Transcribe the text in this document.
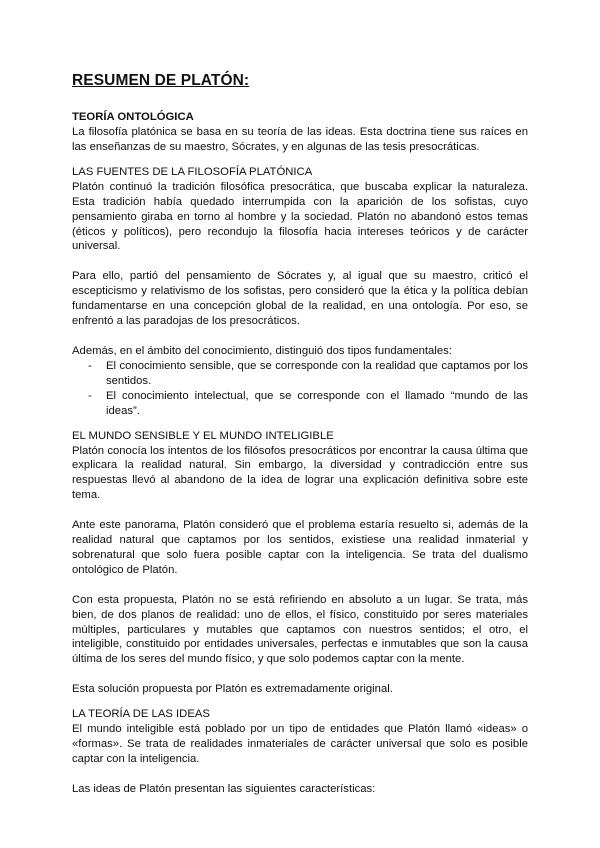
RESUMEN DE PLATÓN:
TEORÍA ONTOLÓGICA

La filosofía platónica se basa en su teoría de las ideas. Esta doctrina tiene sus raíces en las enseñanzas de su maestro, Sócrates, y en algunas de las tesis presocráticas.

LAS FUENTES DE LA FILOSOFÍA PLATÓNICA

Platón continuó la tradición filosófica presocrática, que buscaba explicar la naturaleza. Esta tradición había quedado interrumpida con la aparición de los sofistas, cuyo pensamiento giraba en torno al hombre y la sociedad. Platón no abandonó estos temas (éticos y políticos), pero recondujo la filosofía hacia intereses teóricos y de carácter universal.

Para ello, partió del pensamiento de Sócrates y, al igual que su maestro, criticó el escepticismo y relativismo de los sofistas, pero consideró que la ética y la política debían fundamentarse en una concepción global de la realidad, en una ontología. Por eso, se enfrentó a las paradojas de los presocráticos.

Además, en el ámbito del conocimiento, distinguió dos tipos fundamentales:

- El conocimiento sensible, que se corresponde con la realidad que captamos por los sentidos.
- El conocimiento intelectual, que se corresponde con el llamado “mundo de las ideas”.
EL MUNDO SENSIBLE Y EL MUNDO INTELIGIBLE

Platón conocía los intentos de los filósofos presocráticos por encontrar la causa última que explicara la realidad natural. Sin embargo, la diversidad y contradicción entre sus respuestas llevó al abandono de la idea de lograr una explicación definitiva sobre este tema.

Ante este panorama, Platón consideró que el problema estaría resuelto si, además de la realidad natural que captamos por los sentidos, existiese una realidad inmaterial y sobrenatural que solo fuera posible captar con la inteligencia. Se trata del dualismo ontológico de Platón.

Con esta propuesta, Platón no se está refiriendo en absoluto a un lugar. Se trata, más bien, de dos planos de realidad: uno de ellos, el físico, constituido por seres materiales múltiples, particulares y mutables que captamos con nuestros sentidos; el otro, el inteligible, constituido por entidades universales, perfectas e inmutables que son la causa última de los seres del mundo físico, y que solo podemos captar con la mente.

Esta solución propuesta por Platón es extremadamente original.

LA TEORÍA DE LAS IDEAS

El mundo inteligible está poblado por un tipo de entidades que Platón llamó «ideas» o «formas». Se trata de realidades inmateriales de carácter universal que solo es posible captar con la inteligencia.

Las ideas de Platón presentan las siguientes características:
